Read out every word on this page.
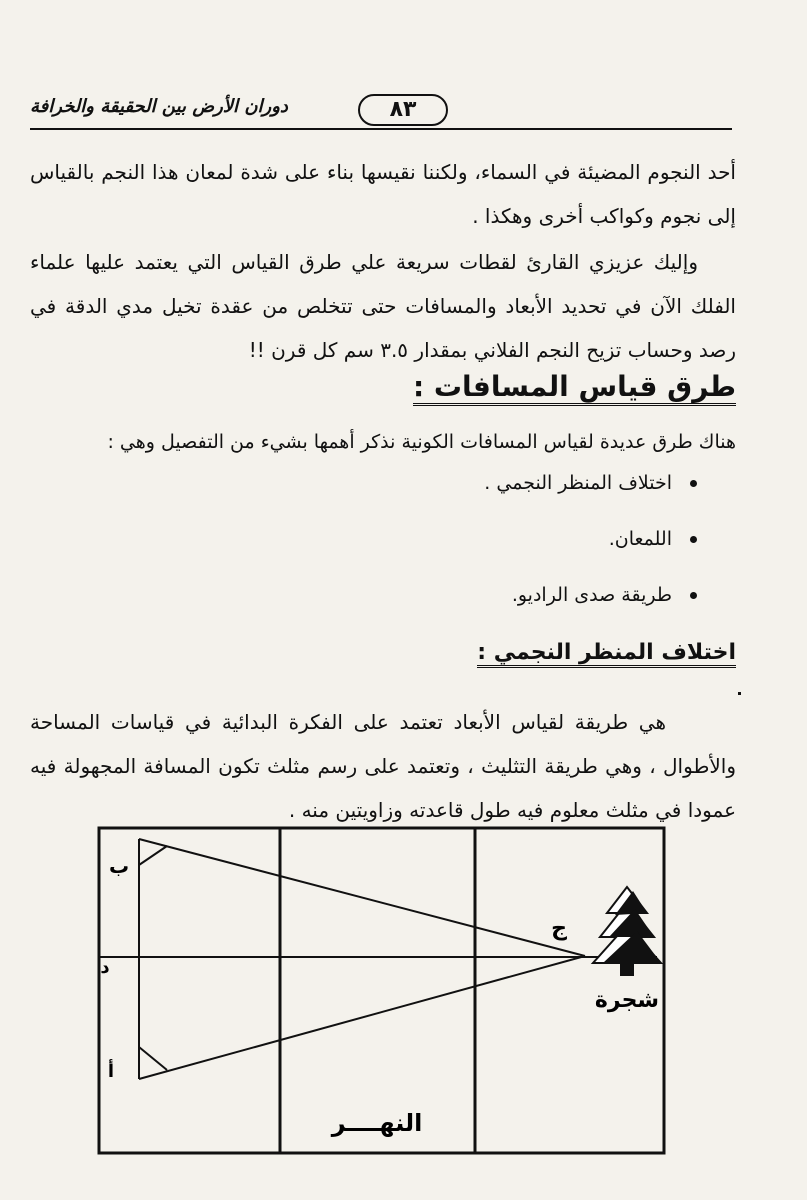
دوران الأرض بين الحقيقة والخرافة	٨٣
أحد النجوم المضيئة في السماء، ولكننا نقيسها بناء على شدة لمعان هذا النجم بالقياس إلى نجوم وكواكب أخرى وهكذا .
وإليك عزيزي القارئ لقطات سريعة علي طرق القياس التي يعتمد عليها علماء الفلك الآن في تحديد الأبعاد والمسافات حتى تتخلص من عقدة تخيل مدي الدقة في رصد وحساب تزيح النجم الفلاني بمقدار ٣.٥ سم كل قرن !!
طرق قياس المسافات :
هناك طرق عديدة لقياس المسافات الكونية نذكر أهمها بشيء من التفصيل وهي :
اختلاف المنظر النجمي .
اللمعان.
طريقة صدى الراديو.
اختلاف المنظر النجمي :
هي طريقة لقياس الأبعاد تعتمد على الفكرة البدائية في قياسات المساحة والأطوال ، وهي طريقة التثليث ، وتعتمد على رسم مثلث تكون المسافة المجهولة فيه عمودا في مثلث معلوم فيه طول قاعدته وزاويتين منه .
ب
د
أ
ج
شجرة
النهــــر
